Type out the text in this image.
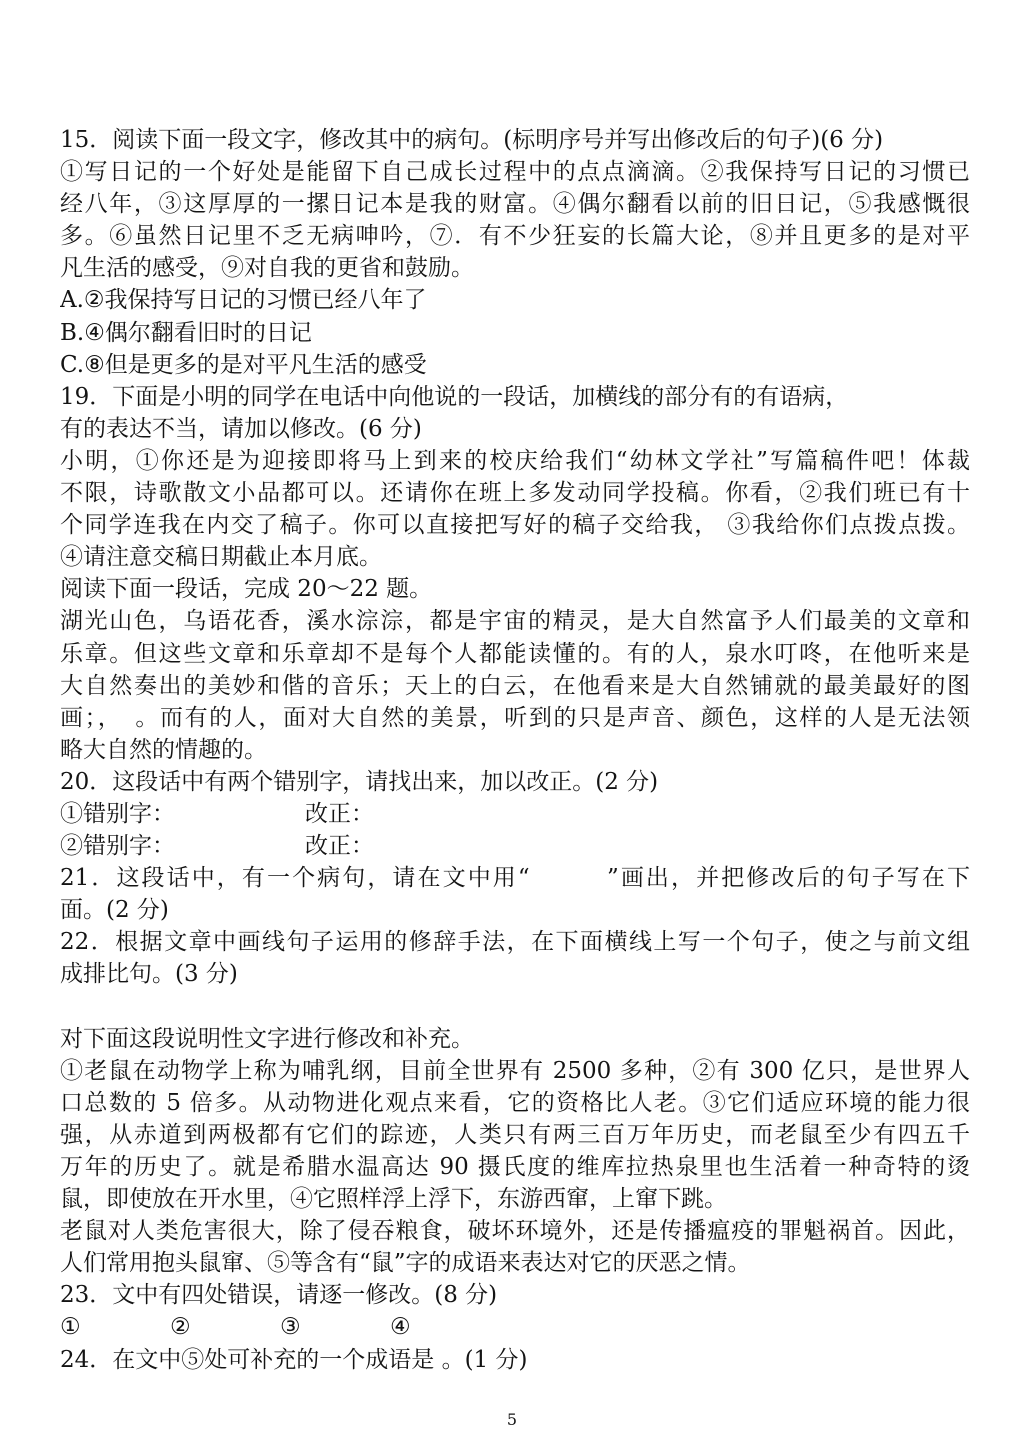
15．阅读下面一段文字，修改其中的病句。(标明序号并写出修改后的句子)(6 分)
①写日记的一个好处是能留下自己成长过程中的点点滴滴。②我保持写日记的习惯已
经八年，③这厚厚的一摞日记本是我的财富。④偶尔翻看以前的旧日记，⑤我感慨很
多。⑥虽然日记里不乏无病呻吟，⑦．有不少狂妄的长篇大论，⑧并且更多的是对平
凡生活的感受，⑨对自我的更省和鼓励。
A.②我保持写日记的习惯已经八年了
B.④偶尔翻看旧时的日记
C.⑧但是更多的是对平凡生活的感受
19．下面是小明的同学在电话中向他说的一段话，加横线的部分有的有语病，
有的表达不当，请加以修改。(6 分)
小明，①你还是为迎接即将马上到来的校庆给我们“幼林文学社”写篇稿件吧！体裁
不限，诗歌散文小品都可以。还请你在班上多发动同学投稿。你看，②我们班已有十
个同学连我在内交了稿子。你可以直接把写好的稿子交给我， ③我给你们点拨点拨。
④请注意交稿日期截止本月底。
阅读下面一段话，完成 20～22 题。
湖光山色，乌语花香，溪水淙淙，都是宇宙的精灵，是大自然富予人们最美的文章和
乐章。但这些文章和乐章却不是每个人都能读懂的。有的人，泉水叮咚，在他听来是
大自然奏出的美妙和偕的音乐；天上的白云，在他看来是大自然铺就的最美最好的图
画；，　。而有的人，面对大自然的美景，听到的只是声音、颜色，这样的人是无法领
略大自然的情趣的。
20．这段话中有两个错别字，请找出来，加以改正。(2 分)
①错别字：	改正：
②错别字：	改正：
21．这段话中，有一个病句，请在文中用“　　　”画出，并把修改后的句子写在下
面。(2 分)
22．根据文章中画线句子运用的修辞手法，在下面横线上写一个句子，使之与前文组
成排比句。(3 分)
对下面这段说明性文字进行修改和补充。
①老鼠在动物学上称为哺乳纲，目前全世界有 2500 多种，②有 300 亿只，是世界人
口总数的 5 倍多。从动物进化观点来看，它的资格比人老。③它们适应环境的能力很
强，从赤道到两极都有它们的踪迹，人类只有两三百万年历史，而老鼠至少有四五千
万年的历史了。就是希腊水温高达 90 摄氏度的维库拉热泉里也生活着一种奇特的烫
鼠，即使放在开水里，④它照样浮上浮下，东游西窜，上窜下跳。
老鼠对人类危害很大，除了侵吞粮食，破坏环境外，还是传播瘟疫的罪魁祸首。因此，
人们常用抱头鼠窜、⑤等含有“鼠”字的成语来表达对它的厌恶之情。
23．文中有四处错误，请逐一修改。(8 分)
①	②	③	④
24．在文中⑤处可补充的一个成语是 。(1 分)
5
